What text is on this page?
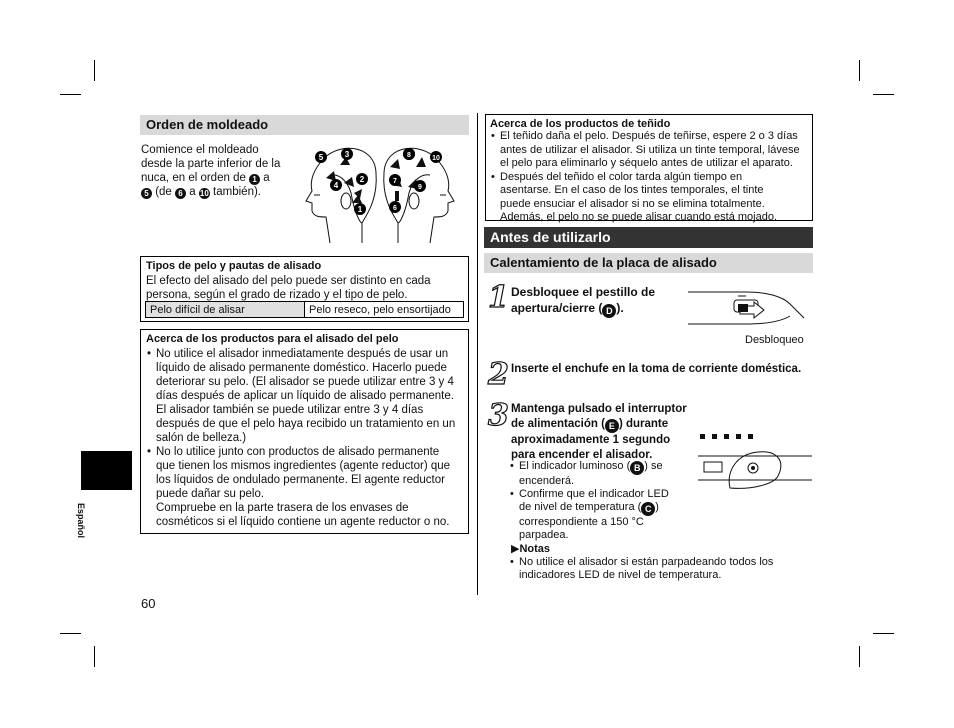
Español
60
Orden de moldeado
Comience el moldeado
desde la parte inferior de la
nuca, en el orden de 1 a
5 (de 6 a 10 también).
5	3
4
2
1
8	10
7
9
6
Tipos de pelo y pautas de alisado
El efecto del alisado del pelo puede ser distinto en cada
persona, según el grado de rizado y el tipo de pelo.
Pelo difícil de alisar	Pelo reseco, pelo ensortijado
Acerca de los productos para el alisado del pelo
• No utilice el alisador inmediatamente después de usar un
líquido de alisado permanente doméstico. Hacerlo puede
deteriorar su pelo. (El alisador se puede utilizar entre 3 y 4
días después de aplicar un líquido de alisado permanente.
El alisador también se puede utilizar entre 3 y 4 días
después de que el pelo haya recibido un tratamiento en un
salón de belleza.)
• No lo utilice junto con productos de alisado permanente
que tienen los mismos ingredientes (agente reductor) que
los líquidos de ondulado permanente. El agente reductor
puede dañar su pelo.
Compruebe en la parte trasera de los envases de
cosméticos si el líquido contiene un agente reductor o no.
Acerca de los productos de teñido
• El teñido daña el pelo. Después de teñirse, espere 2 o 3 días
antes de utilizar el alisador. Si utiliza un tinte temporal, lávese
el pelo para eliminarlo y séquelo antes de utilizar el aparato.
• Después del teñido el color tarda algún tiempo en
asentarse. En el caso de los tintes temporales, el tinte
puede ensuciar el alisador si no se elimina totalmente.
Además, el pelo no se puede alisar cuando está mojado.
Antes de utilizarlo
Calentamiento de la placa de alisado
1 Desbloquee el pestillo de
apertura/cierre ( D ).
Desbloqueo
2 Inserte el enchufe en la toma de corriente doméstica.
3 Mantenga pulsado el interruptor
de alimentación ( E ) durante
aproximadamente 1 segundo
para encender el alisador.
• El indicador luminoso ( B ) se
encenderá.
• Confirme que el indicador LED
de nivel de temperatura ( C )
correspondiente a 150 °C
parpadea.
▶Notas
• No utilice el alisador si están parpadeando todos los
indicadores LED de nivel de temperatura.
